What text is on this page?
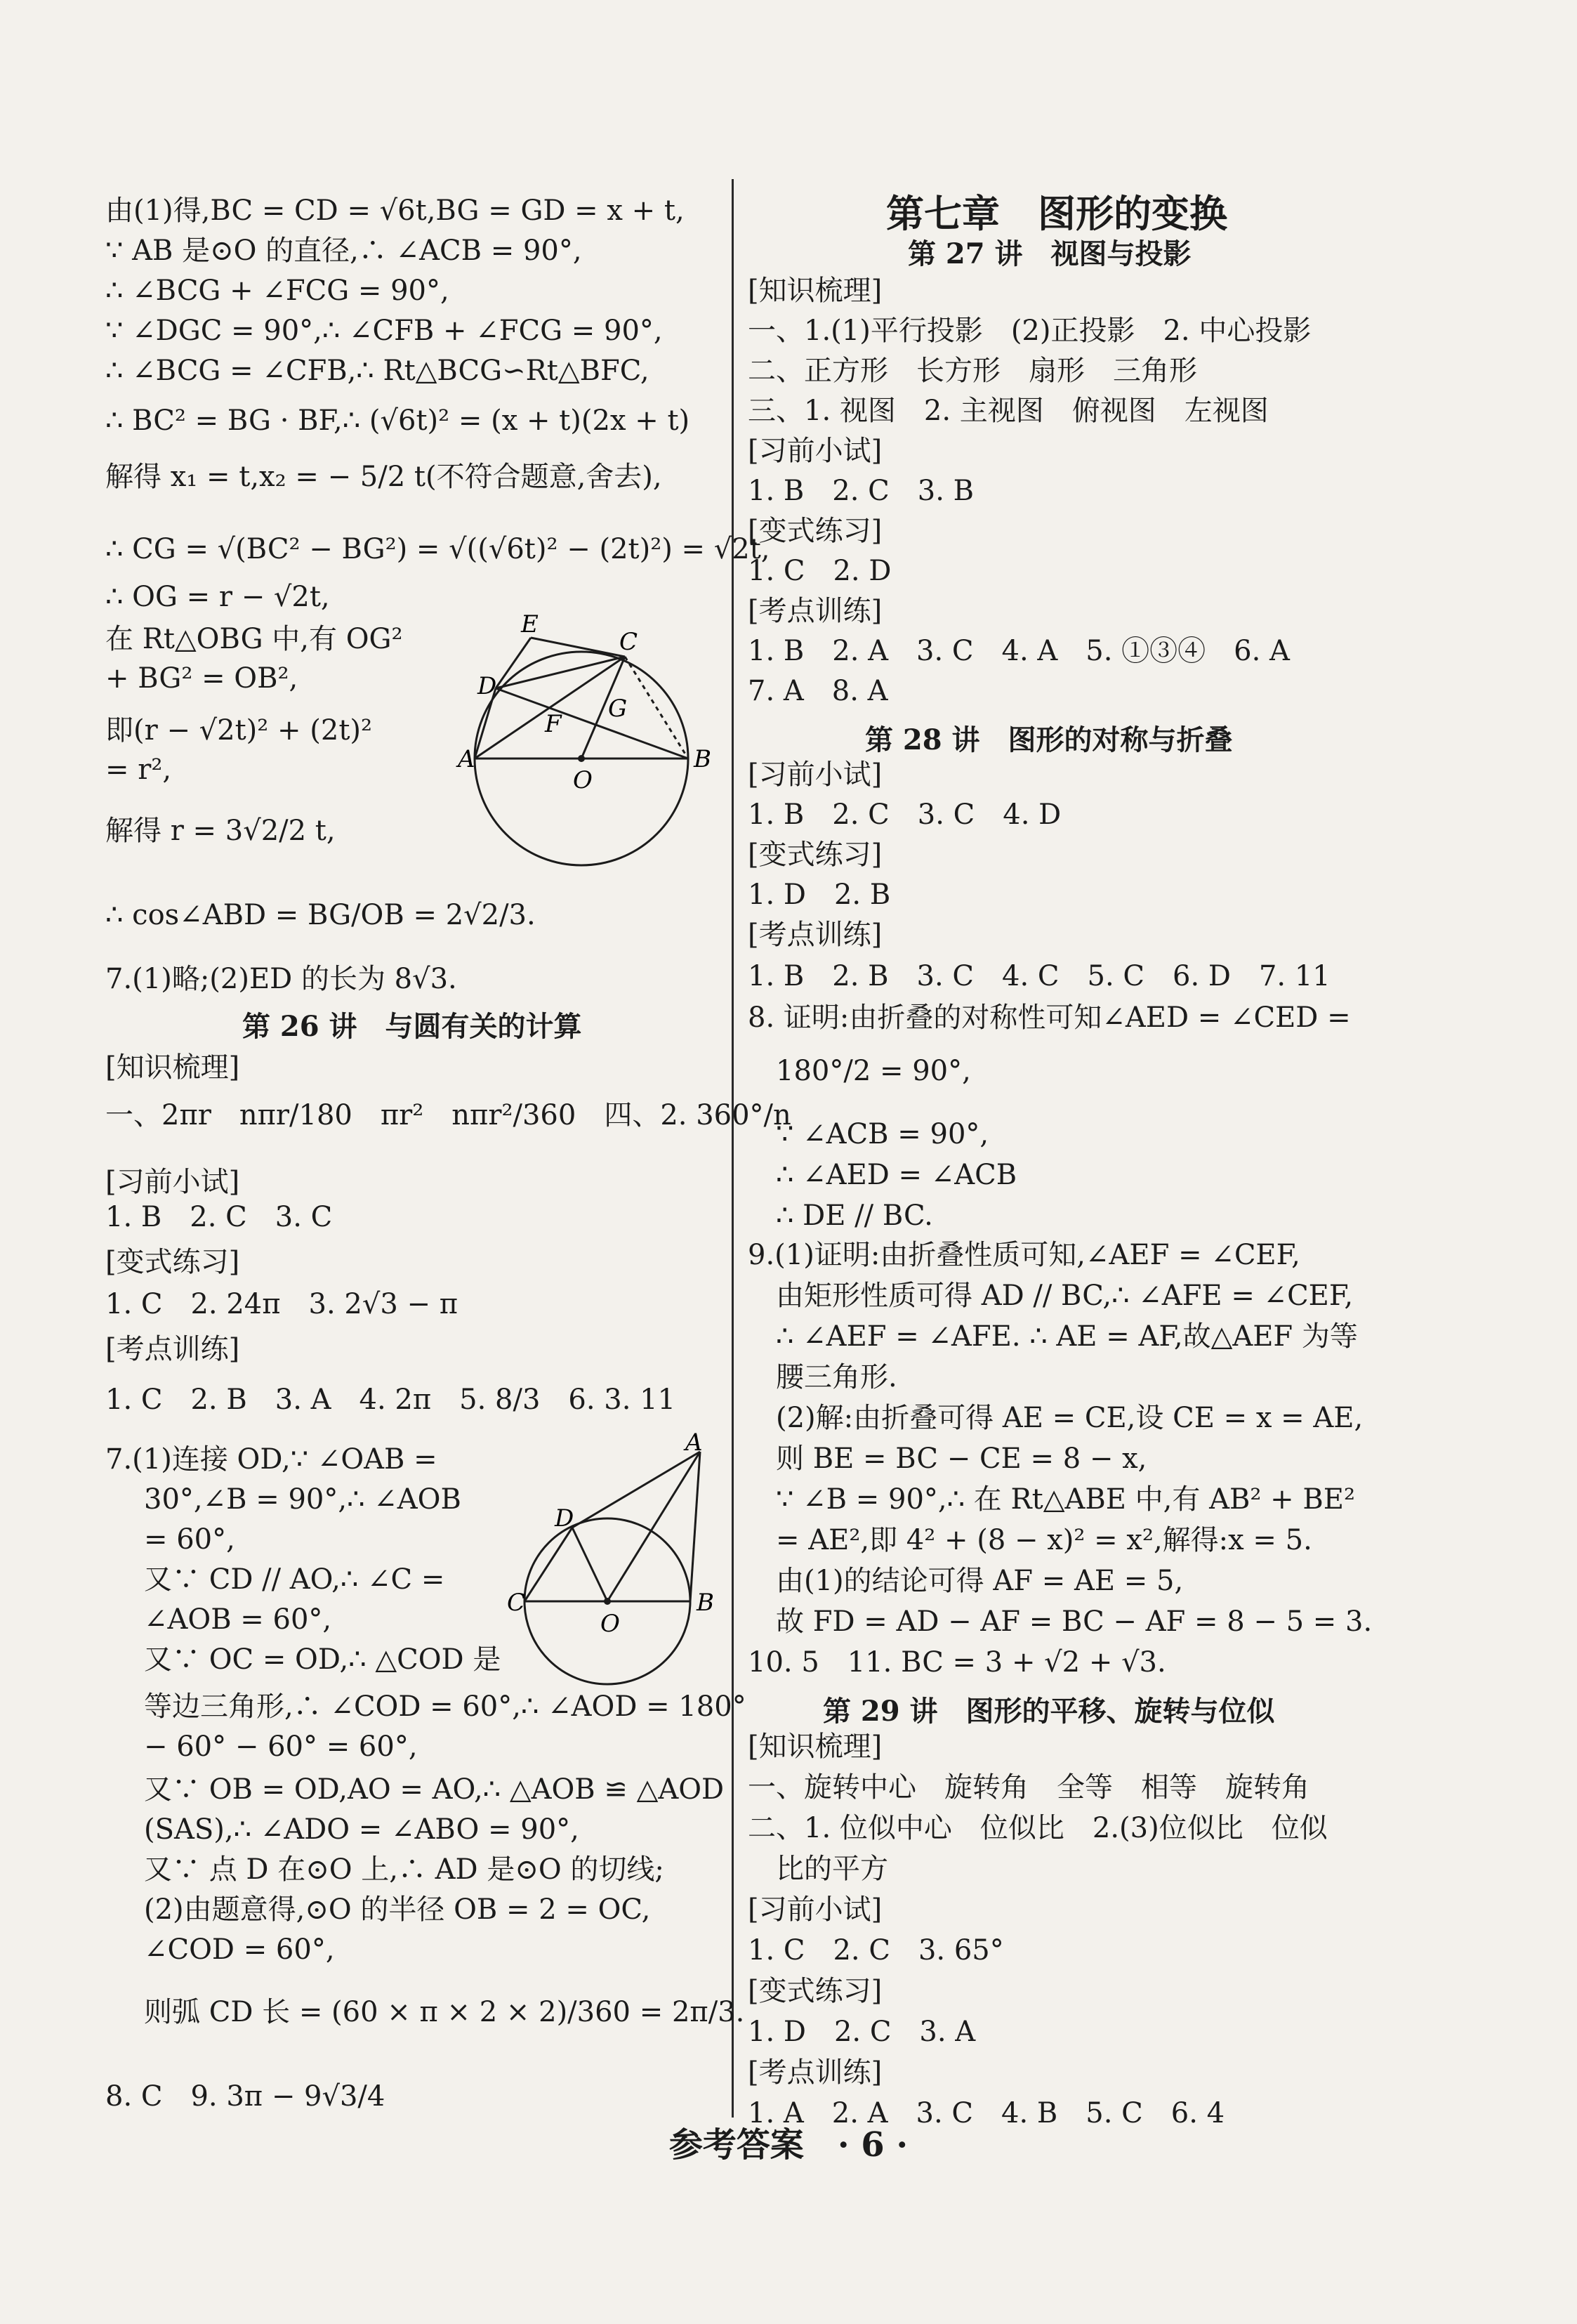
由(1)得,BC = CD = √6t,BG = GD = x + t,
∵ AB 是⊙O 的直径,∴ ∠ACB = 90°,
∴ ∠BCG + ∠FCG = 90°,
∵ ∠DGC = 90°,∴ ∠CFB + ∠FCG = 90°,
∴ ∠BCG = ∠CFB,∴ Rt△BCG∽Rt△BFC,
∴ BC² = BG · BF,∴ (√6t)² = (x + t)(2x + t)
解得 x₁ = t,x₂ = − 5/2 t(不符合题意,舍去),
∴ CG = √(BC² − BG²) = √((√6t)² − (2t)²) = √2t,
∴ OG = r − √2t,
在 Rt△OBG 中,有 OG²
+ BG² = OB²,
即(r − √2t)² + (2t)²
= r²,
解得 r = 3√2/2 t,
∴ cos∠ABD = BG/OB = 2√2/3.
7.(1)略;(2)ED 的长为 8√3.
E
C
D
F
G
A
O
B
第 26 讲　与圆有关的计算
[知识梳理]
一、2πr　nπr/180　πr²　nπr²/360　四、2. 360°/n
[习前小试]
1. B　2. C　3. C
[变式练习]
1. C　2. 24π　3. 2√3 − π
[考点训练]
1. C　2. B　3. A　4. 2π　5. 8/3　6. 3. 11
7.(1)连接 OD,∵ ∠OAB =
30°,∠B = 90°,∴ ∠AOB
= 60°,
又∵ CD // AO,∴ ∠C =
∠AOB = 60°,
又∵ OC = OD,∴ △COD 是
等边三角形,∴ ∠COD = 60°,∴ ∠AOD = 180°
− 60° − 60° = 60°,
又∵ OB = OD,AO = AO,∴ △AOB ≌ △AOD
(SAS),∴ ∠ADO = ∠ABO = 90°,
又∵ 点 D 在⊙O 上,∴ AD 是⊙O 的切线;
(2)由题意得,⊙O 的半径 OB = 2 = OC,
∠COD = 60°,
则弧 CD 长 = (60 × π × 2 × 2)/360 = 2π/3.
8. C　9. 3π − 9√3/4
A
D
C
O
B
第七章　图形的变换
第 27 讲　视图与投影
[知识梳理]
一、1.(1)平行投影　(2)正投影　2. 中心投影
二、正方形　长方形　扇形　三角形
三、1. 视图　2. 主视图　俯视图　左视图
[习前小试]
1. B　2. C　3. B
[变式练习]
1. C　2. D
[考点训练]
1. B　2. A　3. C　4. A　5. ①③④　6. A
7. A　8. A
第 28 讲　图形的对称与折叠
[习前小试]
1. B　2. C　3. C　4. D
[变式练习]
1. D　2. B
[考点训练]
1. B　2. B　3. C　4. C　5. C　6. D　7. 11
8. 证明:由折叠的对称性可知∠AED = ∠CED =
180°/2 = 90°,
∵ ∠ACB = 90°,
∴ ∠AED = ∠ACB
∴ DE // BC.
9.(1)证明:由折叠性质可知,∠AEF = ∠CEF,
由矩形性质可得 AD // BC,∴ ∠AFE = ∠CEF,
∴ ∠AEF = ∠AFE. ∴ AE = AF,故△AEF 为等
腰三角形.
(2)解:由折叠可得 AE = CE,设 CE = x = AE,
则 BE = BC − CE = 8 − x,
∵ ∠B = 90°,∴ 在 Rt△ABE 中,有 AB² + BE²
= AE²,即 4² + (8 − x)² = x²,解得:x = 5.
由(1)的结论可得 AF = AE = 5,
故 FD = AD − AF = BC − AF = 8 − 5 = 3.
10. 5　11. BC = 3 + √2 + √3.
第 29 讲　图形的平移、旋转与位似
[知识梳理]
一、旋转中心　旋转角　全等　相等　旋转角
二、1. 位似中心　位似比　2.(3)位似比　位似
比的平方
[习前小试]
1. C　2. C　3. 65°
[变式练习]
1. D　2. C　3. A
[考点训练]
1. A　2. A　3. C　4. B　5. C　6. 4
参考答案　· 6 ·
